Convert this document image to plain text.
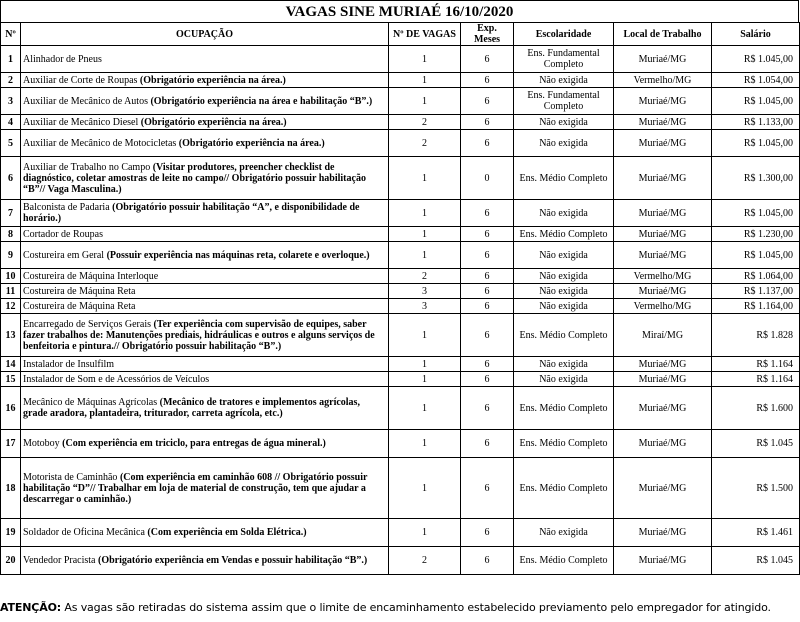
VAGAS SINE MURIAÉ 16/10/2020
Nº	OCUPAÇÃO	Nº DE VAGAS	Exp. Meses	Escolaridade	Local de Trabalho	Salário
1	Alinhador de Pneus	1	6	Ens. Fundamental Completo	Muriaé/MG	R$ 1.045,00
2	Auxiliar de Corte de Roupas (Obrigatório experiência na área.)	1	6	Não exigida	Vermelho/MG	R$ 1.054,00
3	Auxiliar de Mecânico de Autos (Obrigatório experiência na área e habilitação “B”.)	1	6	Ens. Fundamental Completo	Muriaé/MG	R$ 1.045,00
4	Auxiliar de Mecânico Diesel (Obrigatório experiência na área.)	2	6	Não exigida	Muriaé/MG	R$ 1.133,00
5	Auxiliar de Mecânico de Motocicletas (Obrigatório experiência na área.)	2	6	Não exigida	Muriaé/MG	R$ 1.045,00
6	Auxiliar de Trabalho no Campo (Visitar produtores, preencher checklist de diagnóstico, coletar amostras de leite no campo// Obrigatório possuir habilitação “B”// Vaga Masculina.)	1	0	Ens. Médio Completo	Muriaé/MG	R$ 1.300,00
7	Balconista de Padaria (Obrigatório possuir habilitação “A”, e disponibilidade de horário.)	1	6	Não exigida	Muriaé/MG	R$ 1.045,00
8	Cortador de Roupas	1	6	Ens. Médio Completo	Muriaé/MG	R$ 1.230,00
9	Costureira em Geral (Possuir experiência nas máquinas reta, colarete e overloque.)	1	6	Não exigida	Muriaé/MG	R$ 1.045,00
10	Costureira de Máquina Interloque	2	6	Não exigida	Vermelho/MG	R$ 1.064,00
11	Costureira de Máquina Reta	3	6	Não exigida	Muriaé/MG	R$ 1.137,00
12	Costureira de Máquina Reta	3	6	Não exigida	Vermelho/MG	R$ 1.164,00
13	Encarregado de Serviços Gerais (Ter experiência com supervisão de equipes, saber fazer trabalhos de: Manutenções prediais, hidráulicas e outros e alguns serviços de benfeitoria e pintura.// Obrigatório possuir habilitação “B”.)	1	6	Ens. Médio Completo	Miraí/MG	R$ 1.828
14	Instalador de Insulfilm	1	6	Não exigida	Muriaé/MG	R$ 1.164
15	Instalador de Som e de Acessórios de Veículos	1	6	Não exigida	Muriaé/MG	R$ 1.164
16	Mecânico de Máquinas Agrícolas (Mecânico de tratores e implementos agrícolas, grade aradora, plantadeira, triturador, carreta agrícola, etc.)	1	6	Ens. Médio Completo	Muriaé/MG	R$ 1.600
17	Motoboy (Com experiência em triciclo, para entregas de água mineral.)	1	6	Ens. Médio Completo	Muriaé/MG	R$ 1.045
18	Motorista de Caminhão (Com experiência em caminhão 608 // Obrigatório possuir habilitação “D”// Trabalhar em loja de material de construção, tem que ajudar a descarregar o caminhão.)	1	6	Ens. Médio Completo	Muriaé/MG	R$ 1.500
19	Soldador de Oficina Mecânica (Com experiência em Solda Elétrica.)	1	6	Não exigida	Muriaé/MG	R$ 1.461
20	Vendedor Pracista (Obrigatório experiência em Vendas e possuir habilitação “B”.)	2	6	Ens. Médio Completo	Muriaé/MG	R$ 1.045
ATENÇÃO: As vagas são retiradas do sistema assim que o limite de encaminhamento estabelecido previamento pelo empregador for atingido.
